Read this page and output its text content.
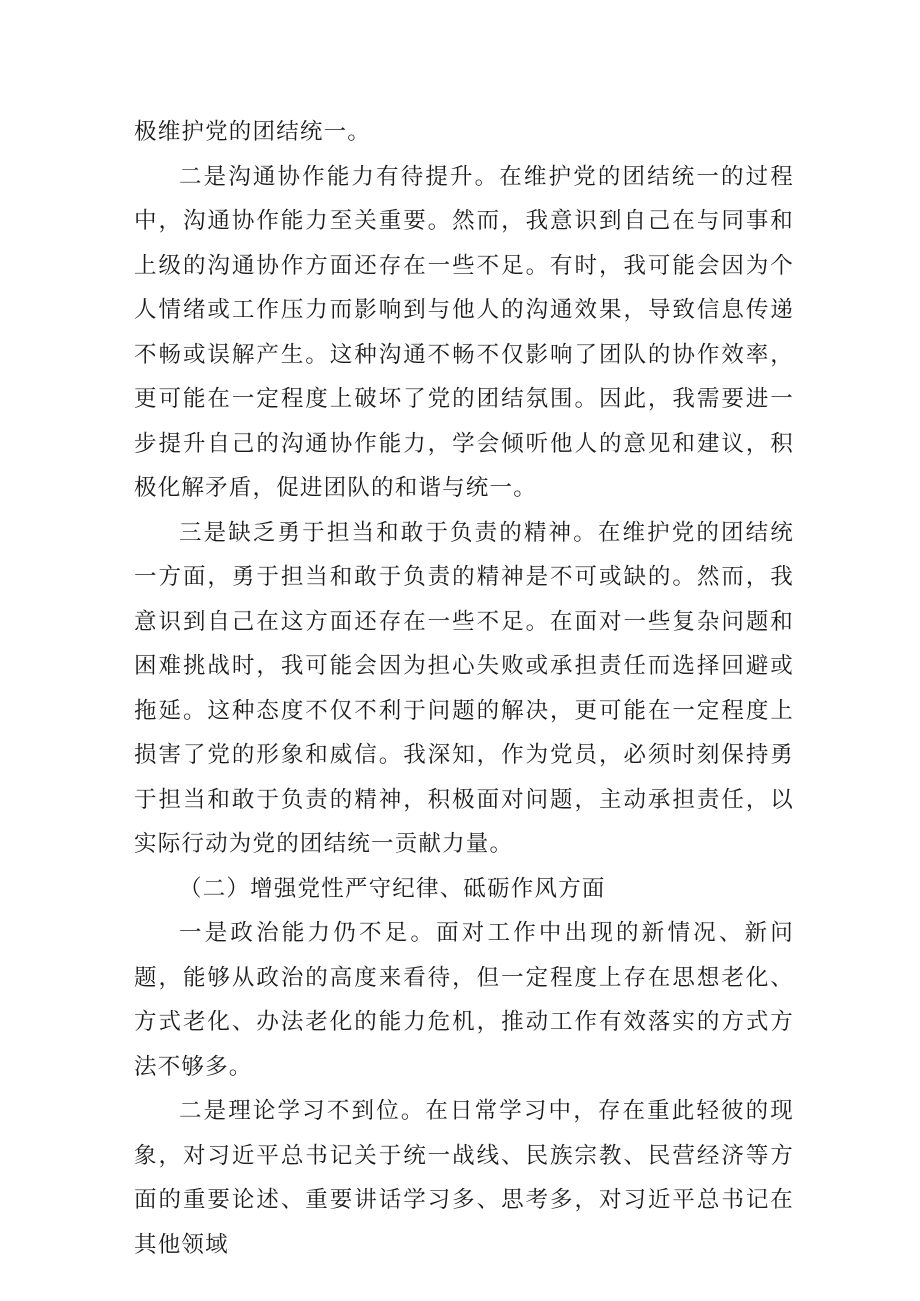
极维护党的团结统一。

二是沟通协作能力有待提升。在维护党的团结统一的过程中，沟通协作能力至关重要。然而，我意识到自己在与同事和上级的沟通协作方面还存在一些不足。有时，我可能会因为个人情绪或工作压力而影响到与他人的沟通效果，导致信息传递不畅或误解产生。这种沟通不畅不仅影响了团队的协作效率，更可能在一定程度上破坏了党的团结氛围。因此，我需要进一步提升自己的沟通协作能力，学会倾听他人的意见和建议，积极化解矛盾，促进团队的和谐与统一。

三是缺乏勇于担当和敢于负责的精神。在维护党的团结统一方面，勇于担当和敢于负责的精神是不可或缺的。然而，我意识到自己在这方面还存在一些不足。在面对一些复杂问题和困难挑战时，我可能会因为担心失败或承担责任而选择回避或拖延。这种态度不仅不利于问题的解决，更可能在一定程度上损害了党的形象和威信。我深知，作为党员，必须时刻保持勇于担当和敢于负责的精神，积极面对问题，主动承担责任，以实际行动为党的团结统一贡献力量。

（二）增强党性严守纪律、砥砺作风方面

一是政治能力仍不足。面对工作中出现的新情况、新问题，能够从政治的高度来看待，但一定程度上存在思想老化、方式老化、办法老化的能力危机，推动工作有效落实的方式方法不够多。

二是理论学习不到位。在日常学习中，存在重此轻彼的现象，对习近平总书记关于统一战线、民族宗教、民营经济等方面的重要论述、重要讲话学习多、思考多，对习近平总书记在其他领域
